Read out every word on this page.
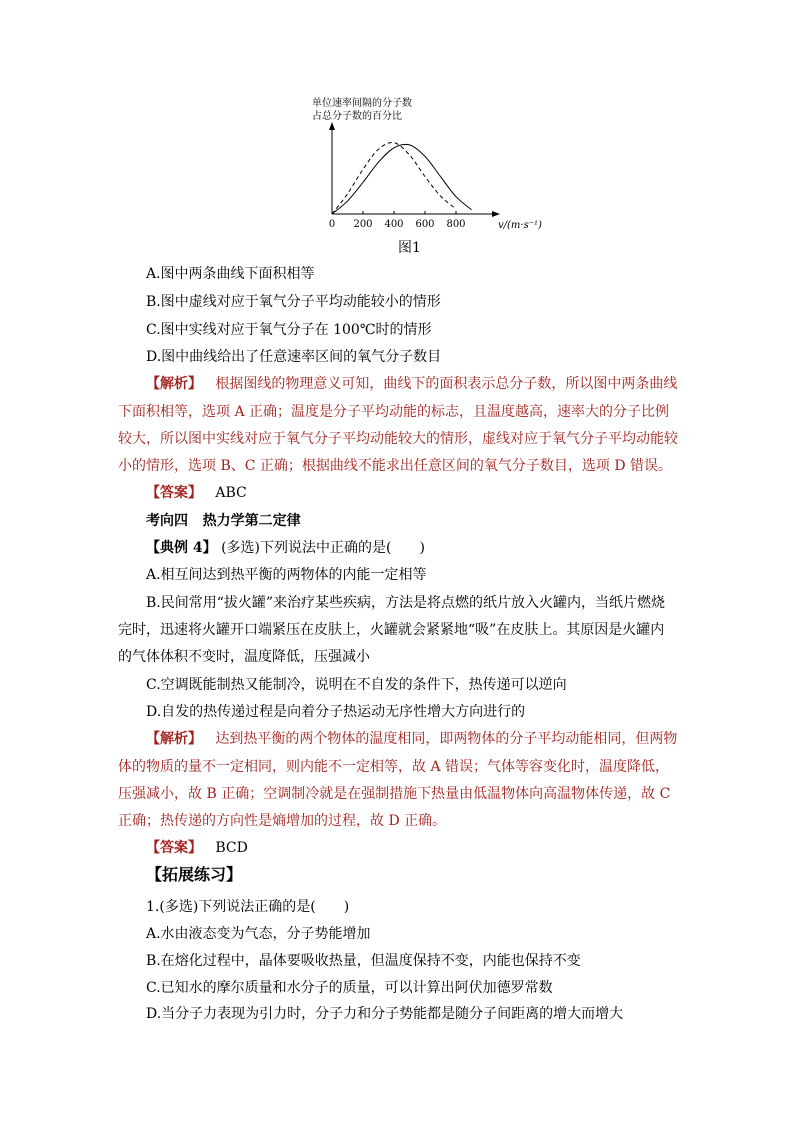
单位速率间隔的分子数
占总分子数的百分比
v/(m·s⁻¹)
0 200 400 600 800
图1
A.图中两条曲线下面积相等
B.图中虚线对应于氧气分子平均动能较小的情形
C.图中实线对应于氧气分子在 100℃时的情形
D.图中曲线给出了任意速率区间的氧气分子数目
【解析】 根据图线的物理意义可知，曲线下的面积表示总分子数，所以图中两条曲线
下面积相等，选项 A 正确；温度是分子平均动能的标志，且温度越高，速率大的分子比例
较大，所以图中实线对应于氧气分子平均动能较大的情形，虚线对应于氧气分子平均动能较
小的情形，选项 B、C 正确；根据曲线不能求出任意区间的氧气分子数目，选项 D 错误。
【答案】 ABC
考向四 热力学第二定律
【典例 4】 (多选)下列说法中正确的是(　　)
A.相互间达到热平衡的两物体的内能一定相等
B.民间常用“拔火罐”来治疗某些疾病，方法是将点燃的纸片放入火罐内，当纸片燃烧
完时，迅速将火罐开口端紧压在皮肤上，火罐就会紧紧地“吸”在皮肤上。其原因是火罐内
的气体体积不变时，温度降低，压强减小
C.空调既能制热又能制冷，说明在不自发的条件下，热传递可以逆向
D.自发的热传递过程是向着分子热运动无序性增大方向进行的
【解析】 达到热平衡的两个物体的温度相同，即两物体的分子平均动能相同，但两物
体的物质的量不一定相同，则内能不一定相等，故 A 错误；气体等容变化时，温度降低，
压强减小，故 B 正确；空调制冷就是在强制措施下热量由低温物体向高温物体传递，故 C
正确；热传递的方向性是熵增加的过程，故 D 正确。
【答案】 BCD
【拓展练习】
1.(多选)下列说法正确的是(　　)
A.水由液态变为气态，分子势能增加
B.在熔化过程中，晶体要吸收热量，但温度保持不变，内能也保持不变
C.已知水的摩尔质量和水分子的质量，可以计算出阿伏加德罗常数
D.当分子力表现为引力时，分子力和分子势能都是随分子间距离的增大而增大
